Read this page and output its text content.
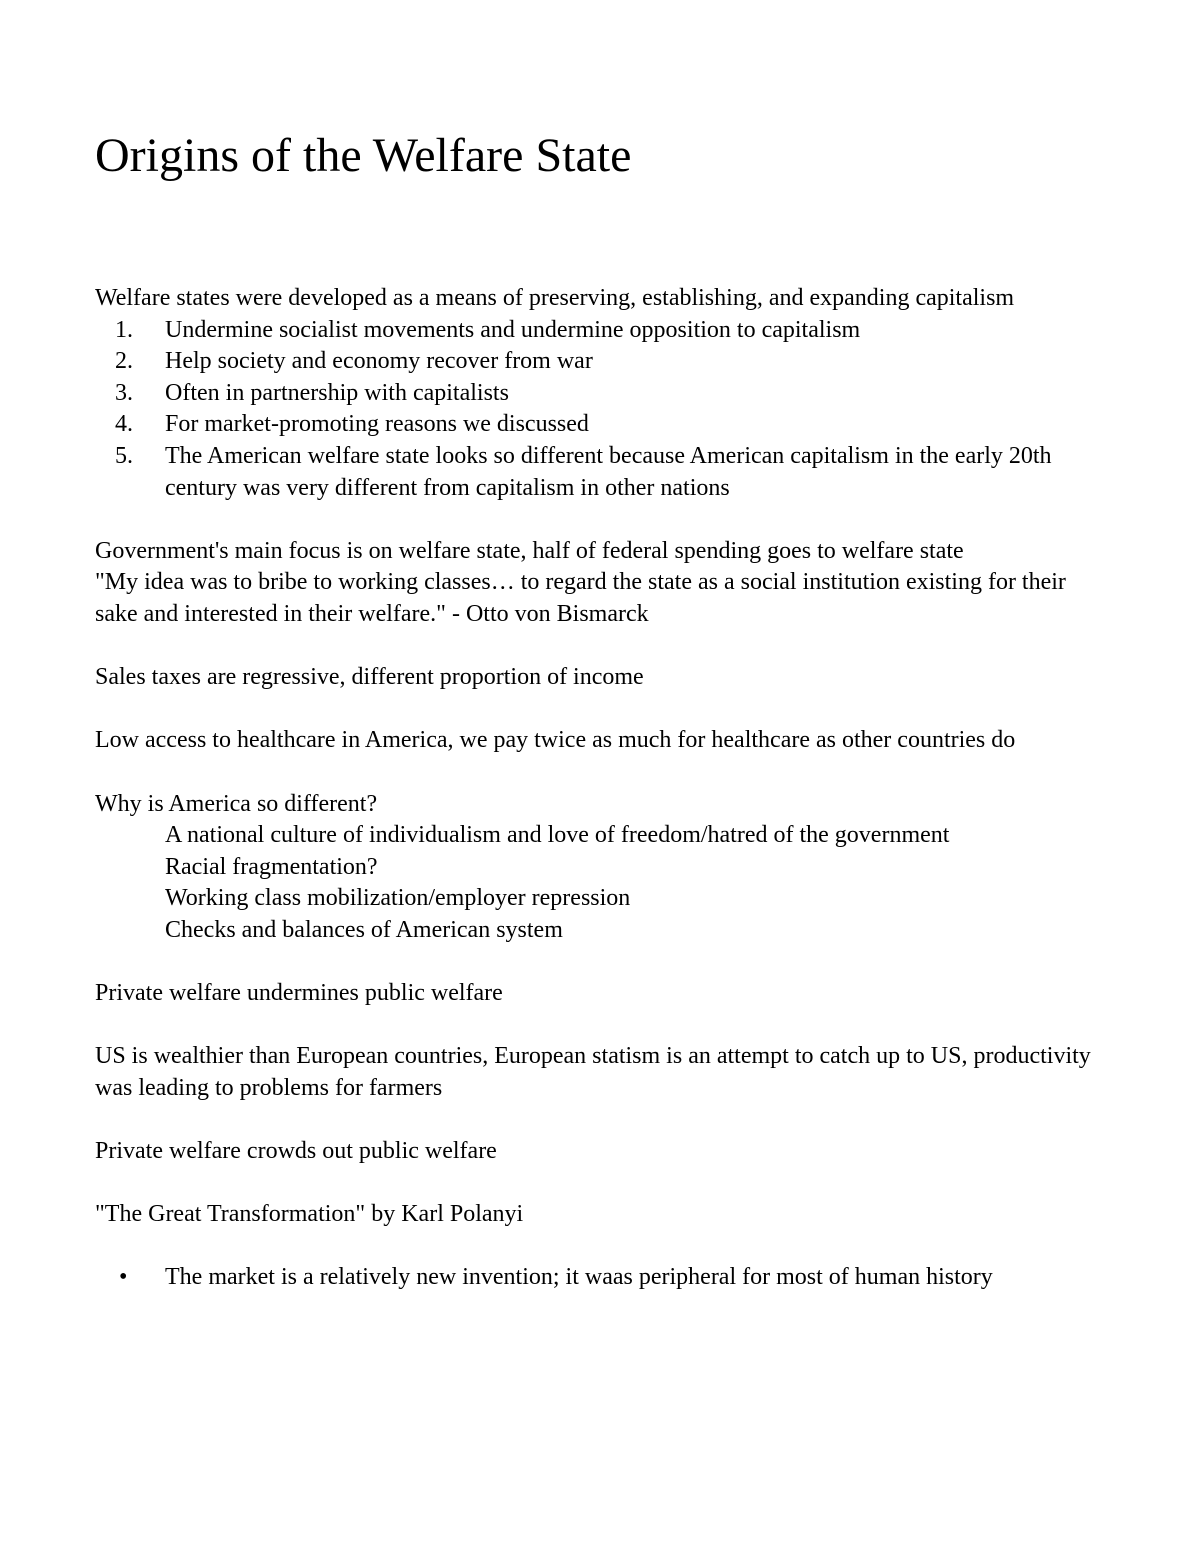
Origins of the Welfare State

Welfare states were developed as a means of preserving, establishing, and expanding capitalism

1. Undermine socialist movements and undermine opposition to capitalism
2. Help society and economy recover from war
3. Often in partnership with capitalists
4. For market-promoting reasons we discussed
5. The American welfare state looks so different because American capitalism in the early 20th century was very different from capitalism in other nations

Government's main focus is on welfare state, half of federal spending goes to welfare state

"My idea was to bribe to working classes… to regard the state as a social institution existing for their sake and interested in their welfare." - Otto von Bismarck

Sales taxes are regressive, different proportion of income

Low access to healthcare in America, we pay twice as much for healthcare as other countries do

Why is America so different?

A national culture of individualism and love of freedom/hatred of the government

Racial fragmentation?

Working class mobilization/employer repression

Checks and balances of American system

Private welfare undermines public welfare

US is wealthier than European countries, European statism is an attempt to catch up to US, productivity was leading to problems for farmers

Private welfare crowds out public welfare

"The Great Transformation" by Karl Polanyi

• The market is a relatively new invention; it waas peripheral for most of human history
